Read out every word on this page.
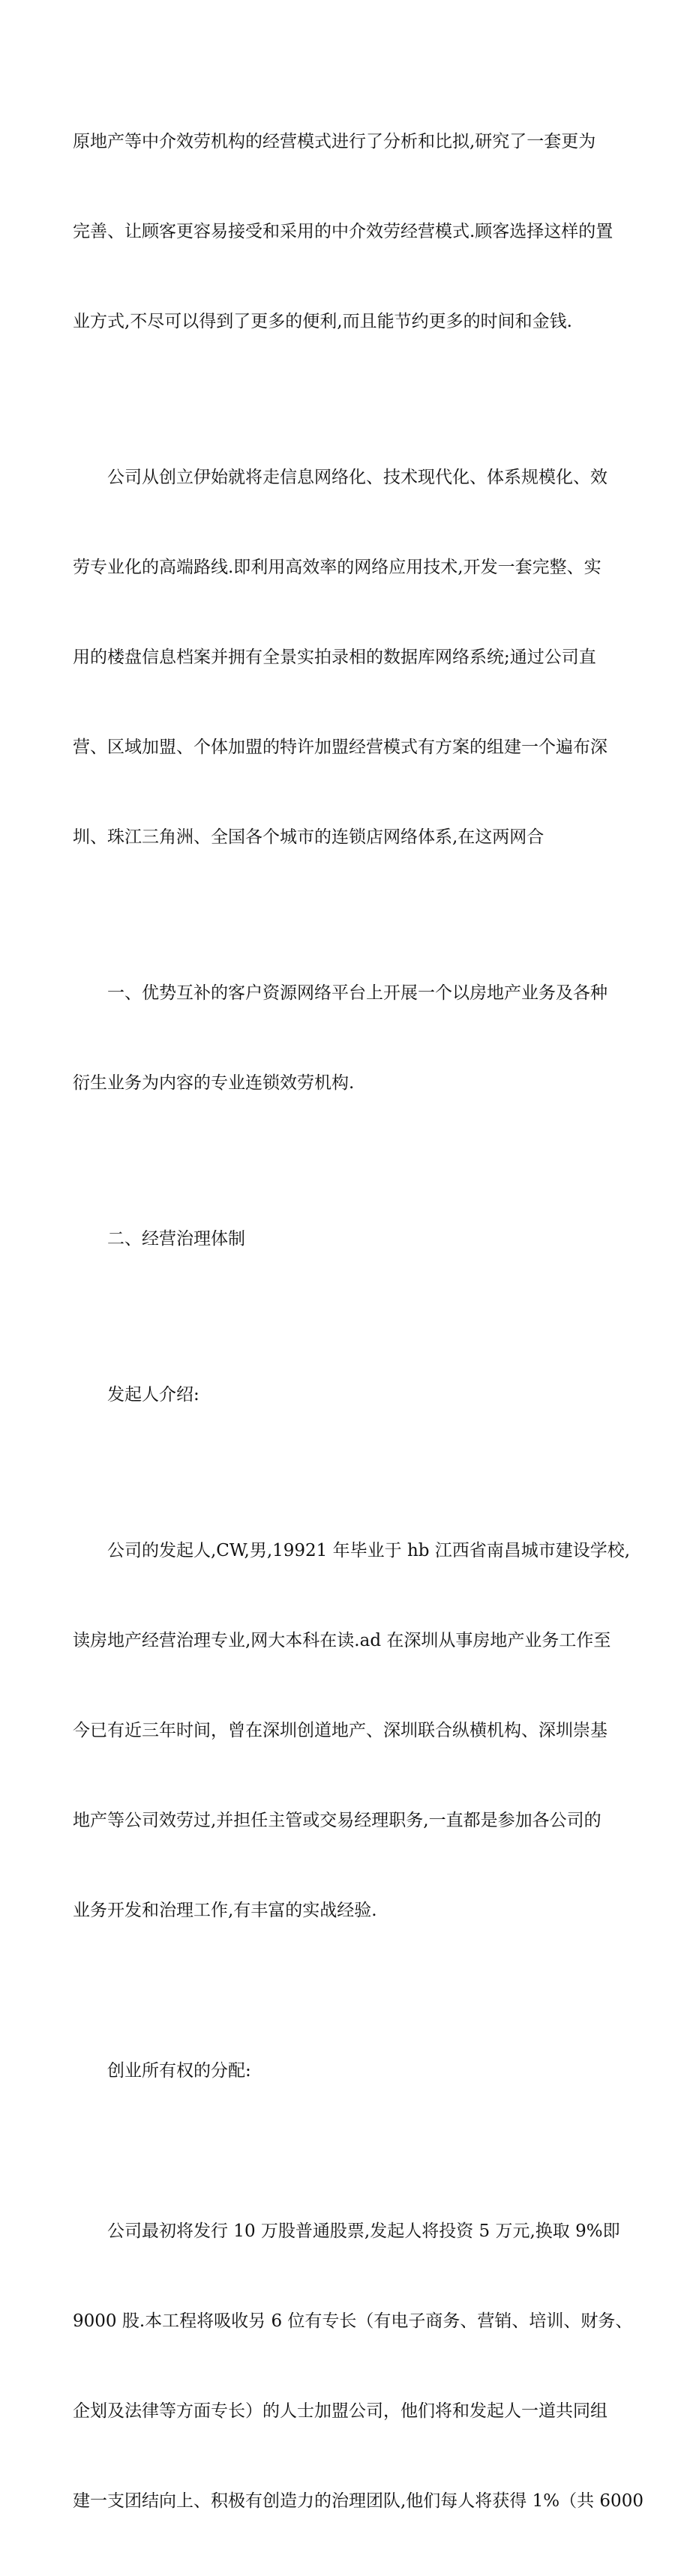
原地产等中介效劳机构的经营模式进行了分析和比拟,研究了一套更为

完善、让顾客更容易接受和采用的中介效劳经营模式.顾客选择这样的置

业方式,不尽可以得到了更多的便利,而且能节约更多的时间和金钱.

公司从创立伊始就将走信息网络化、技术现代化、体系规模化、效

劳专业化的高端路线.即利用高效率的网络应用技术,开发一套完整、实

用的楼盘信息档案并拥有全景实拍录相的数据库网络系统;通过公司直

营、区域加盟、个体加盟的特许加盟经营模式有方案的组建一个遍布深

圳、珠江三角洲、全国各个城市的连锁店网络体系,在这两网合

一、优势互补的客户资源网络平台上开展一个以房地产业务及各种

衍生业务为内容的专业连锁效劳机构.

二、经营治理体制

发起人介绍:

公司的发起人,CW,男,19921 年毕业于 hb 江西省南昌城市建设学校,

读房地产经营治理专业,网大本科在读.ad 在深圳从事房地产业务工作至

今已有近三年时间，曾在深圳创道地产、深圳联合纵横机构、深圳崇基

地产等公司效劳过,并担任主管或交易经理职务,一直都是参加各公司的

业务开发和治理工作,有丰富的实战经验.

创业所有权的分配:

公司最初将发行 10 万股普通股票,发起人将投资 5 万元,换取 9%即

9000 股.本工程将吸收另 6 位有专长（有电子商务、营销、培训、财务、

企划及法律等方面专长）的人士加盟公司，他们将和发起人一道共同组

建一支团结向上、积极有创造力的治理团队,他们每人将获得 1%（共 6000
